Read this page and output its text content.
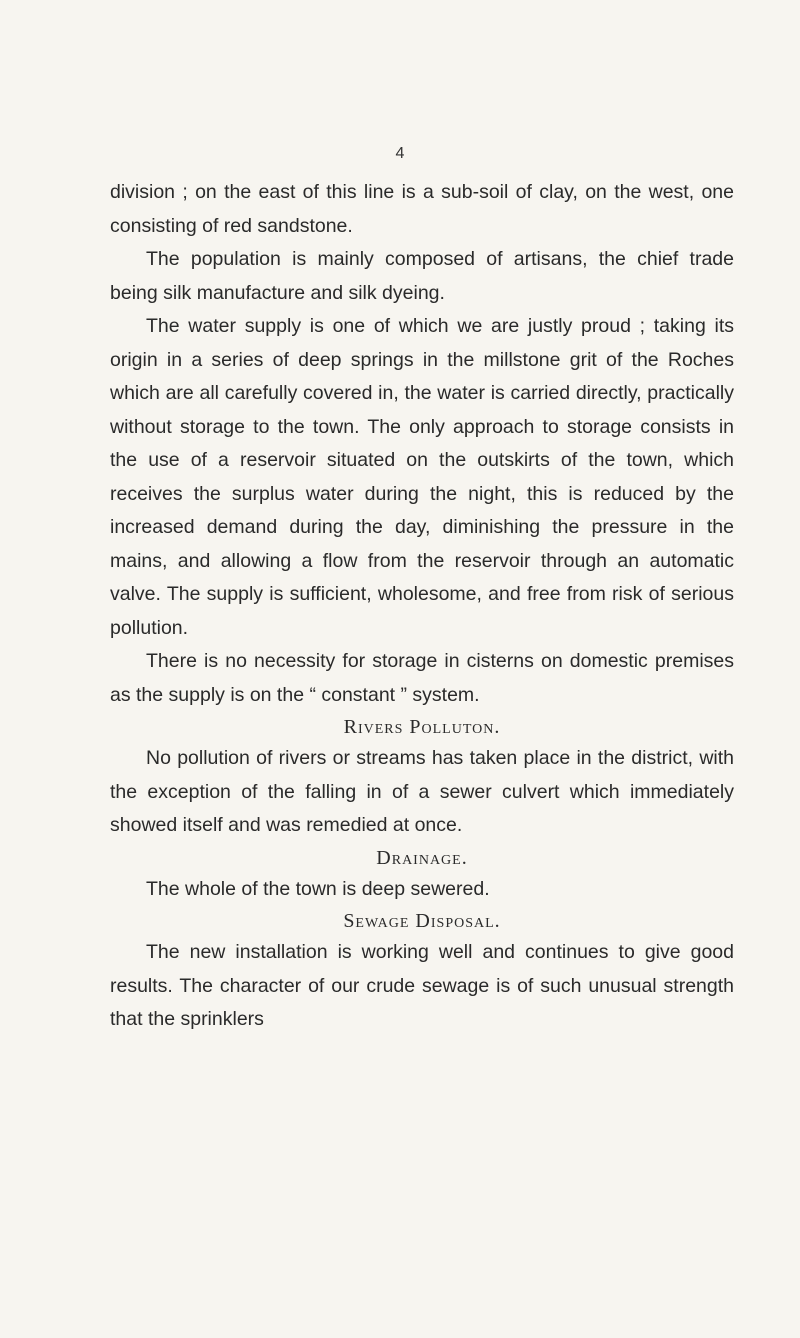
4

division ; on the east of this line is a sub-soil of clay, on the west, one consisting of red sandstone.

The population is mainly composed of artisans, the chief trade being silk manufacture and silk dyeing.

The water supply is one of which we are justly proud ; taking its origin in a series of deep springs in the millstone grit of the Roches which are all carefully covered in, the water is carried directly, practically without storage to the town. The only approach to storage consists in the use of a reservoir situated on the outskirts of the town, which receives the surplus water during the night, this is reduced by the increased demand during the day, diminishing the pressure in the mains, and allowing a flow from the reservoir through an automatic valve. The supply is sufficient, wholesome, and free from risk of serious pollution.

There is no necessity for storage in cisterns on domestic premises as the supply is on the “ constant ” system.

Rivers Polluton.

No pollution of rivers or streams has taken place in the district, with the exception of the falling in of a sewer culvert which immediately showed itself and was remedied at once.

Drainage.

The whole of the town is deep sewered.

Sewage Disposal.

The new installation is working well and continues to give good results. The character of our crude sewage is of such unusual strength that the sprinklers
